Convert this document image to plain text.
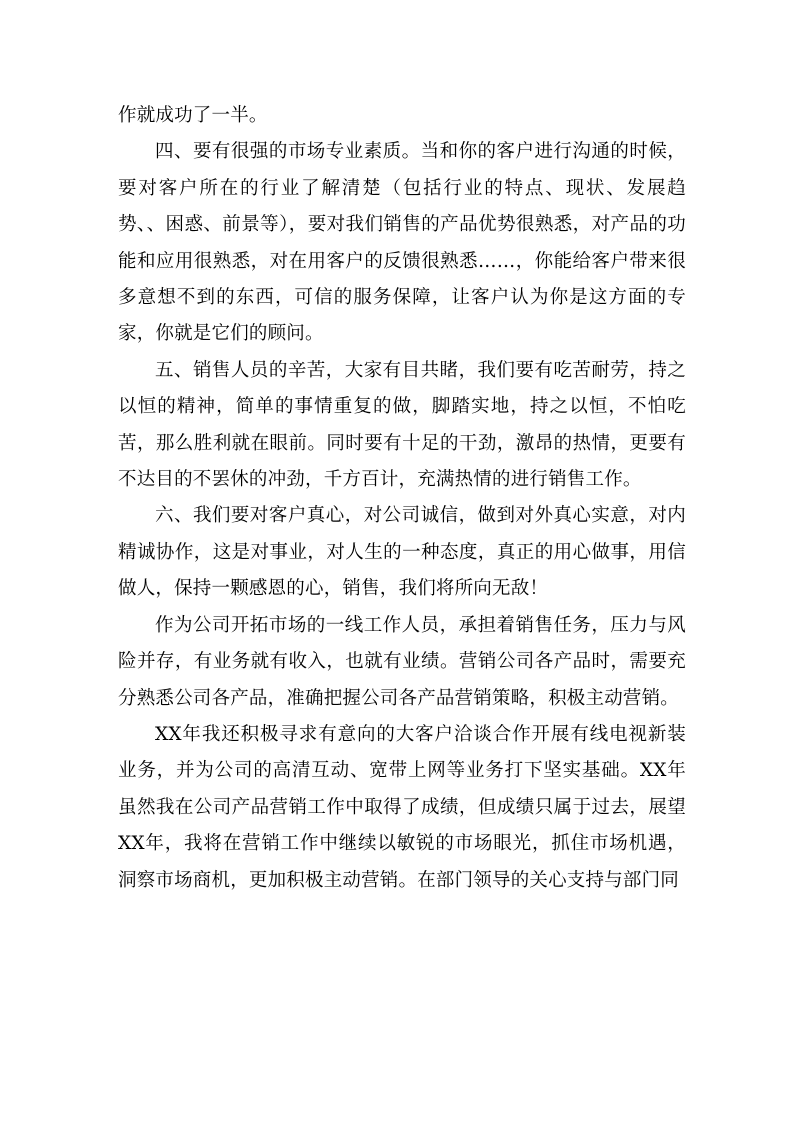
作就成功了一半。

四、要有很强的市场专业素质。当和你的客户进行沟通的时候，要对客户所在的行业了解清楚（包括行业的特点、现状、发展趋势、、困惑、前景等），要对我们销售的产品优势很熟悉，对产品的功能和应用很熟悉，对在用客户的反馈很熟悉……，你能给客户带来很多意想不到的东西，可信的服务保障，让客户认为你是这方面的专家，你就是它们的顾问。

五、销售人员的辛苦，大家有目共睹，我们要有吃苦耐劳，持之以恒的精神，简单的事情重复的做，脚踏实地，持之以恒，不怕吃苦，那么胜利就在眼前。同时要有十足的干劲，激昂的热情，更要有不达目的不罢休的冲劲，千方百计，充满热情的进行销售工作。

六、我们要对客户真心，对公司诚信，做到对外真心实意，对内精诚协作，这是对事业，对人生的一种态度，真正的用心做事，用信做人，保持一颗感恩的心，销售，我们将所向无敌！

作为公司开拓市场的一线工作人员，承担着销售任务，压力与风险并存，有业务就有收入，也就有业绩。营销公司各产品时，需要充分熟悉公司各产品，准确把握公司各产品营销策略，积极主动营销。

XX年我还积极寻求有意向的大客户洽谈合作开展有线电视新装业务，并为公司的高清互动、宽带上网等业务打下坚实基础。XX年虽然我在公司产品营销工作中取得了成绩，但成绩只属于过去，展望XX年，我将在营销工作中继续以敏锐的市场眼光，抓住市场机遇，洞察市场商机，更加积极主动营销。在部门领导的关心支持与部门同
